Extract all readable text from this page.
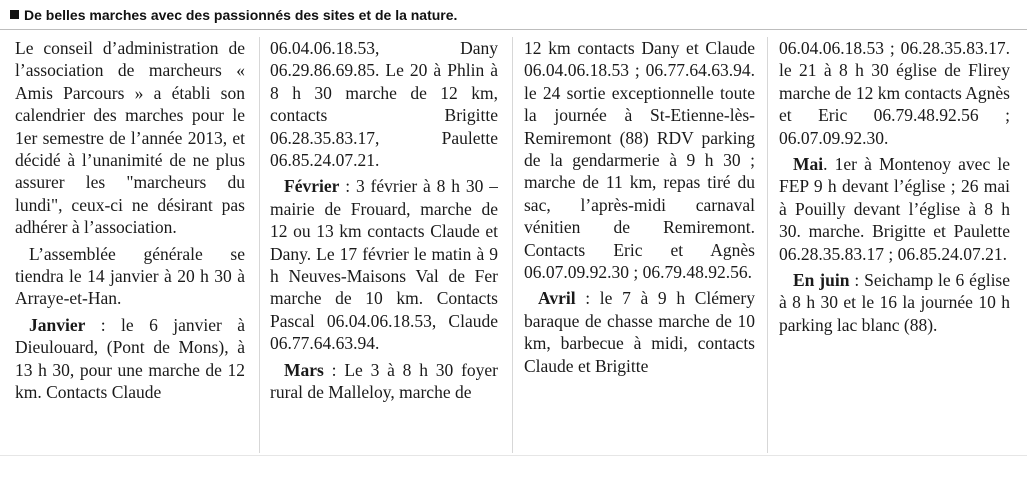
De belles marches avec des passionnés des sites et de la nature.

Le conseil d’administration de l’association de marcheurs « Amis Parcours » a établi son calendrier des marches pour le 1er semestre de l’année 2013, et décidé à l’unanimité de ne plus assurer les "marcheurs du lundi", ceux-ci ne désirant pas adhérer à l’association.

L’assemblée générale se tiendra le 14 janvier à 20 h 30 à Arraye-et-Han.

Janvier : le 6 janvier à Dieulouard, (Pont de Mons), à 13 h 30, pour une marche de 12 km. Contacts Claude

06.04.06.18.53, Dany 06.29.86.69.85. Le 20 à Phlin à 8 h 30 marche de 12 km, contacts Brigitte 06.28.35.83.17, Paulette 06.85.24.07.21.

Février : 3 février à 8 h 30 – mairie de Frouard, marche de 12 ou 13 km contacts Claude et Dany. Le 17 février le matin à 9 h Neuves-Maisons Val de Fer marche de 10 km. Contacts Pascal 06.04.06.18.53, Claude 06.77.64.63.94.

Mars : Le 3 à 8 h 30 foyer rural de Malleloy, marche de

12 km contacts Dany et Claude 06.04.06.18.53 ; 06.77.64.63.94. le 24 sortie exceptionnelle toute la journée à St-Etienne-lès-Remiremont (88) RDV parking de la gendarmerie à 9 h 30 ; marche de 11 km, repas tiré du sac, l’après-midi carnaval vénitien de Remiremont. Contacts Eric et Agnès 06.07.09.92.30 ; 06.79.48.92.56.

Avril : le 7 à 9 h Clémery baraque de chasse marche de 10 km, barbecue à midi, contacts Claude et Brigitte

06.04.06.18.53 ; 06.28.35.83.17. le 21 à 8 h 30 église de Flirey marche de 12 km contacts Agnès et Eric 06.79.48.92.56 ; 06.07.09.92.30.

Mai. 1er à Montenoy avec le FEP 9 h devant l’église ; 26 mai à Pouilly devant l’église à 8 h 30. marche. Brigitte et Paulette 06.28.35.83.17 ; 06.85.24.07.21.

En juin : Seichamp le 6 église à 8 h 30 et le 16 la journée 10 h parking lac blanc (88).
